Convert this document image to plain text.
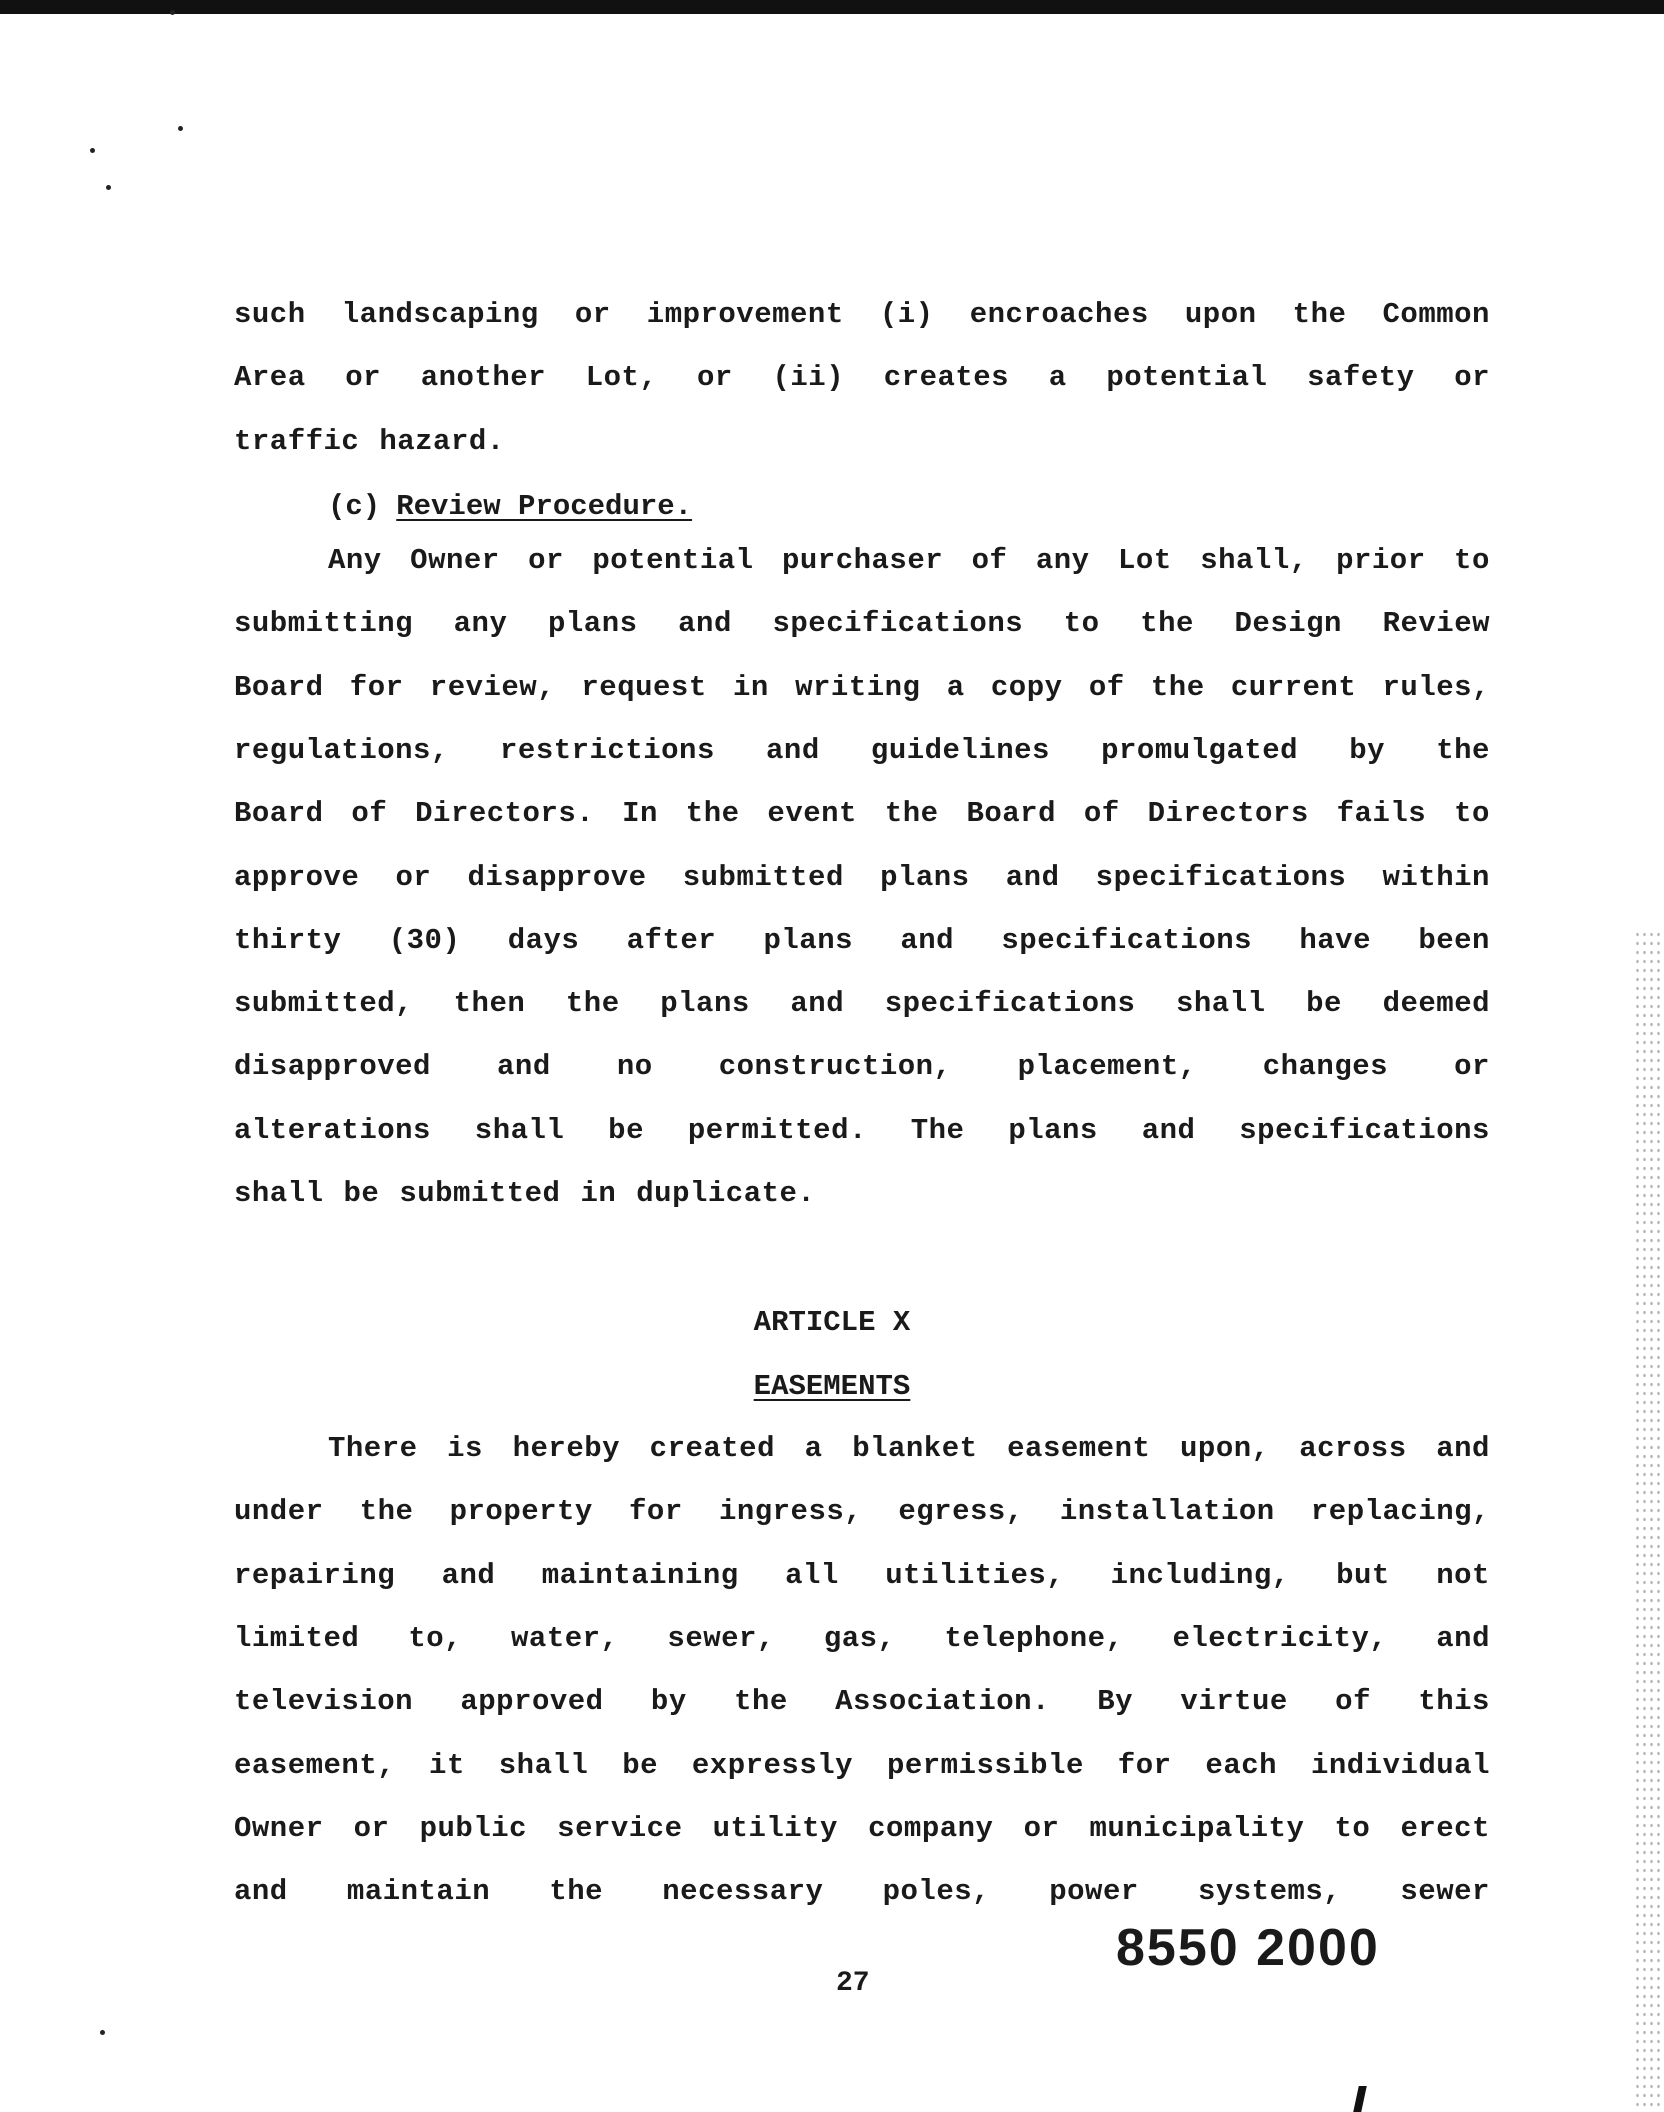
such landscaping or improvement (i) encroaches upon the Common
Area or another Lot, or (ii) creates a potential safety or
traffic hazard.
Any Owner or potential purchaser of any Lot shall, prior to
submitting any plans and specifications to the Design Review
Board for review, request in writing a copy of the current rules,
regulations, restrictions and guidelines promulgated by the
Board of Directors. In the event the Board of Directors fails to
approve or disapprove submitted plans and specifications within
thirty (30) days after plans and specifications have been
submitted, then the plans and specifications shall be deemed
disapproved and no construction, placement, changes or
alterations shall be permitted. The plans and specifications
shall be submitted in duplicate.
There is hereby created a blanket easement upon, across and
under the property for ingress, egress, installation replacing,
repairing and maintaining all utilities, including, but not
limited to, water, sewer, gas, telephone, electricity, and
television approved by the Association. By virtue of this
easement, it shall be expressly permissible for each individual
Owner or public service utility company or municipality to erect
and maintain the necessary poles, power systems, sewer
(c) Review Procedure.
ARTICLE X
EASEMENTS
8550 2000
27
